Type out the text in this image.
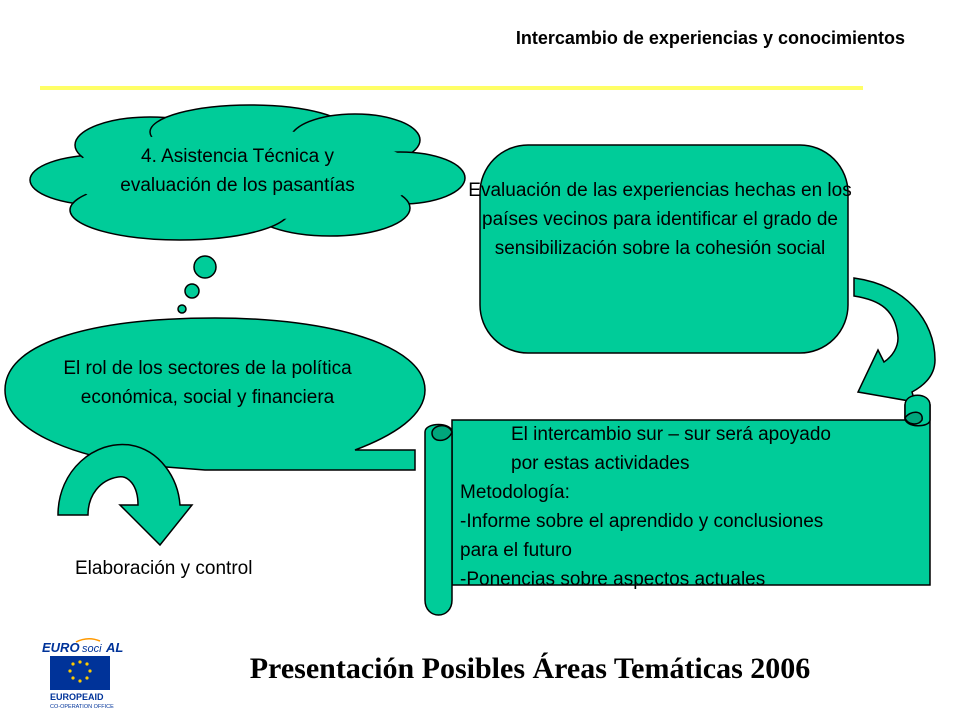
Intercambio de experiencias y conocimientos
4. Asistencia Técnica y evaluación de los pasantías	Evaluación de las experiencias hechas en los países vecinos para identificar el grado de sensibilización sobre la cohesión social
El rol de los sectores de la política económica, social y financiera
El intercambio sur – sur será apoyado
por estas actividades
Metodología:
-Informe sobre el aprendido y conclusiones
para el futuro
-Ponencias sobre aspectos actuales
Elaboración y control
EURO soci AL
EUROPEAID
CO-OPERATION OFFICE
Presentación Posibles Áreas Temáticas 2006
